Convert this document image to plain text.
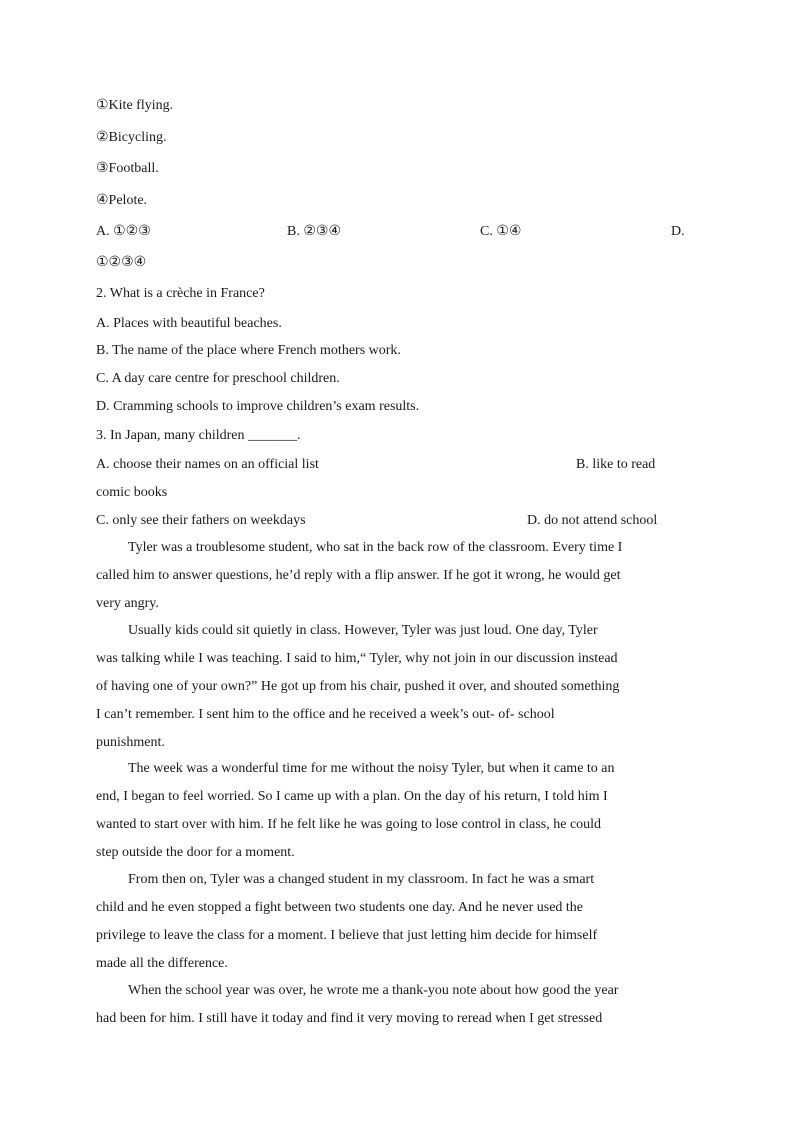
①Kite flying.
②Bicycling.
③Football.
④Pelote.
A. ①②③	B. ②③④	C. ①④	D.
①②③④
2. What is a crèche in France?
A. Places with beautiful beaches.
B. The name of the place where French mothers work.
C. A day care centre for preschool children.
D. Cramming schools to improve children’s exam results.
3. In Japan, many children _______.
A. choose their names on an official list	B. like to read
comic books
C. only see their fathers on weekdays	D. do not attend school
Tyler was a troublesome student, who sat in the back row of the classroom. Every time I
called him to answer questions, he’d reply with a flip answer. If he got it wrong, he would get
very angry.
Usually kids could sit quietly in class. However, Tyler was just loud. One day, Tyler
was talking while I was teaching. I said to him,“ Tyler, why not join in our discussion instead
of having one of your own?” He got up from his chair, pushed it over, and shouted something
I can’t remember. I sent him to the office and he received a week’s out- of- school
punishment.
The week was a wonderful time for me without the noisy Tyler, but when it came to an
end, I began to feel worried. So I came up with a plan. On the day of his return, I told him I
wanted to start over with him. If he felt like he was going to lose control in class, he could
step outside the door for a moment.
From then on, Tyler was a changed student in my classroom. In fact he was a smart
child and he even stopped a fight between two students one day. And he never used the
privilege to leave the class for a moment. I believe that just letting him decide for himself
made all the difference.
When the school year was over, he wrote me a thank-you note about how good the year
had been for him. I still have it today and find it very moving to reread when I get stressed
